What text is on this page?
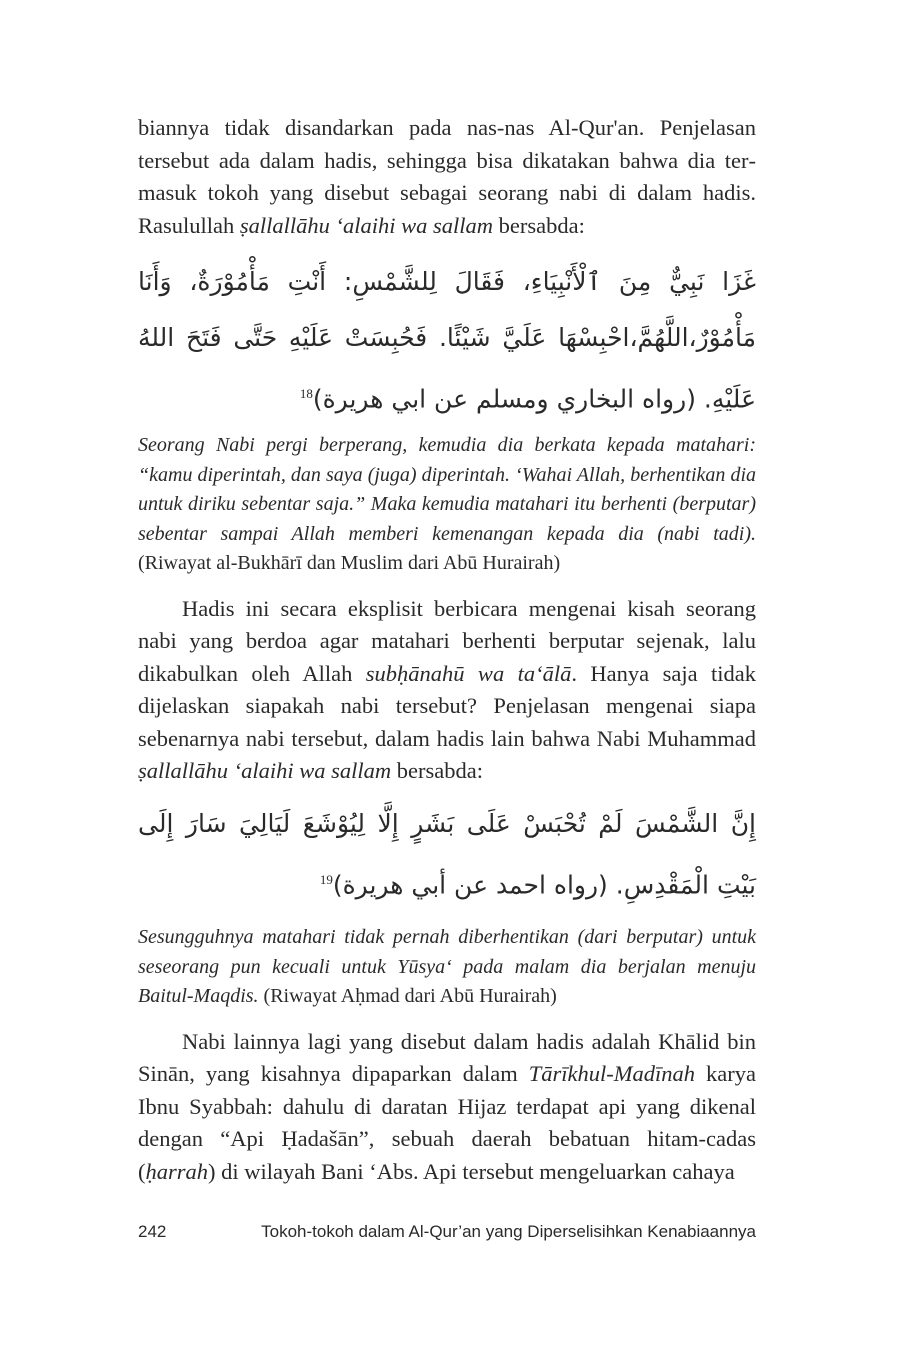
biannya tidak disandarkan pada nas-nas Al-Qur'an. Penjelasan tersebut ada dalam hadis, sehingga bisa dikatakan bahwa dia termasuk tokoh yang disebut sebagai seorang nabi di dalam hadis. Rasulullah ṣallallāhu ‘alaihi wa sallam bersabda:

غَزَا نَبِيٌّ مِنَ ٱلْأَنْبِيَاءِ، فَقَالَ لِلشَّمْسِ: أَنْتِ مَأْمُوْرَةٌ، وَأَنَا مَأْمُوْرٌ،اللَّهُمَّ،احْبِسْهَا عَلَيَّ شَيْئًا. فَحُبِسَتْ عَلَيْهِ حَتَّى فَتَحَ اللهُ عَلَيْهِ. (رواه البخاري ومسلم عن ابي هريرة)$^{18}$

Seorang Nabi pergi berperang, kemudia dia berkata kepada matahari: “kamu diperintah, dan saya (juga) diperintah. ‘Wahai Allah, berhentikan dia untuk diriku sebentar saja.” Maka kemudia matahari itu berhenti (berputar) sebentar sampai Allah memberi kemenangan kepada dia (nabi tadi). (Riwayat al-Bukhārī dan Muslim dari Abū Hurairah)

Hadis ini secara eksplisit berbicara mengenai kisah seorang nabi yang berdoa agar matahari berhenti berputar sejenak, lalu dikabulkan oleh Allah subḥānahū wa ta‘ālā. Hanya saja tidak dijelaskan siapakah nabi tersebut? Penjelasan mengenai siapa sebenarnya nabi tersebut, dalam hadis lain bahwa Nabi Muhammad ṣallallāhu ‘alaihi wa sallam bersabda:

إِنَّ الشَّمْسَ لَمْ تُحْبَسْ عَلَى بَشَرٍ إِلَّا لِيُوْشَعَ لَيَالِيَ سَارَ إِلَى بَيْتِ الْمَقْدِسِ. (رواه احمد عن أبي هريرة)$^{19}$

Sesungguhnya matahari tidak pernah diberhentikan (dari berputar) untuk seseorang pun kecuali untuk Yūsya‘ pada malam dia berjalan menuju Baitul-Maqdis. (Riwayat Aḥmad dari Abū Hurairah)

Nabi lainnya lagi yang disebut dalam hadis adalah Khālid bin Sinān, yang kisahnya dipaparkan dalam Tārīkhul-Madīnah karya Ibnu Syabbah: dahulu di daratan Hijaz terdapat api yang dikenal dengan “Api Ḥadašān”, sebuah daerah bebatuan hitam-cadas (ḥarrah) di wilayah Bani ‘Abs. Api tersebut mengeluarkan cahaya

242	Tokoh-tokoh dalam Al-Qur’an yang Diperselisihkan Kenabiaannya
